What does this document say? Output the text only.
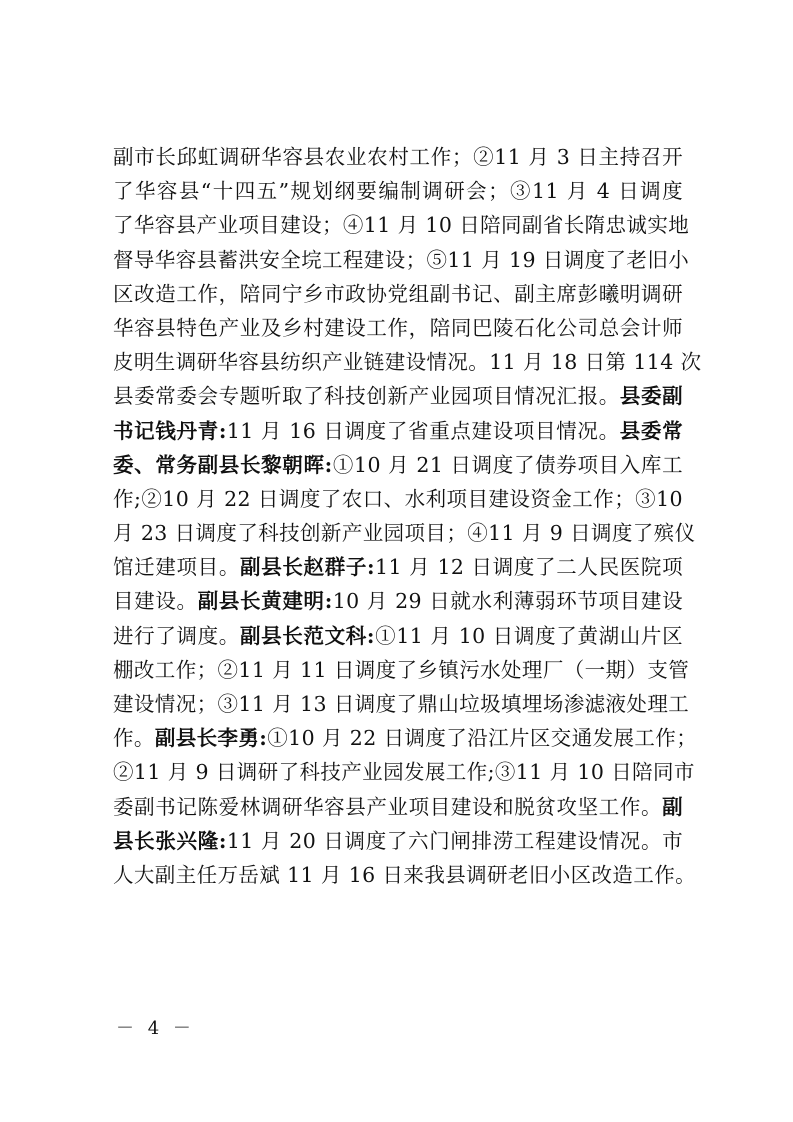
副市长邱虹调研华容县农业农村工作；②11 月 3 日主持召开
了华容县“十四五”规划纲要编制调研会；③11 月 4 日调度
了华容县产业项目建设；④11 月 10 日陪同副省长隋忠诚实地
督导华容县蓄洪安全垸工程建设；⑤11 月 19 日调度了老旧小
区改造工作，陪同宁乡市政协党组副书记、副主席彭曦明调研
华容县特色产业及乡村建设工作，陪同巴陵石化公司总会计师
皮明生调研华容县纺织产业链建设情况。11 月 18 日第 114 次
县委常委会专题听取了科技创新产业园项目情况汇报。县委副
书记钱丹青:11 月 16 日调度了省重点建设项目情况。县委常
委、常务副县长黎朝晖:①10 月 21 日调度了债券项目入库工
作;②10 月 22 日调度了农口、水利项目建设资金工作；③10
月 23 日调度了科技创新产业园项目；④11 月 9 日调度了殡仪
馆迁建项目。副县长赵群子:11 月 12 日调度了二人民医院项
目建设。副县长黄建明:10 月 29 日就水利薄弱环节项目建设
进行了调度。副县长范文科:①11 月 10 日调度了黄湖山片区
棚改工作；②11 月 11 日调度了乡镇污水处理厂（一期）支管
建设情况；③11 月 13 日调度了鼎山垃圾填埋场渗滤液处理工
作。副县长李勇:①10 月 22 日调度了沿江片区交通发展工作；
②11 月 9 日调研了科技产业园发展工作;③11 月 10 日陪同市
委副书记陈爱林调研华容县产业项目建设和脱贫攻坚工作。副
县长张兴隆:11 月 20 日调度了六门闸排涝工程建设情况。市
人大副主任万岳斌 11 月 16 日来我县调研老旧小区改造工作。
－ 4 －
